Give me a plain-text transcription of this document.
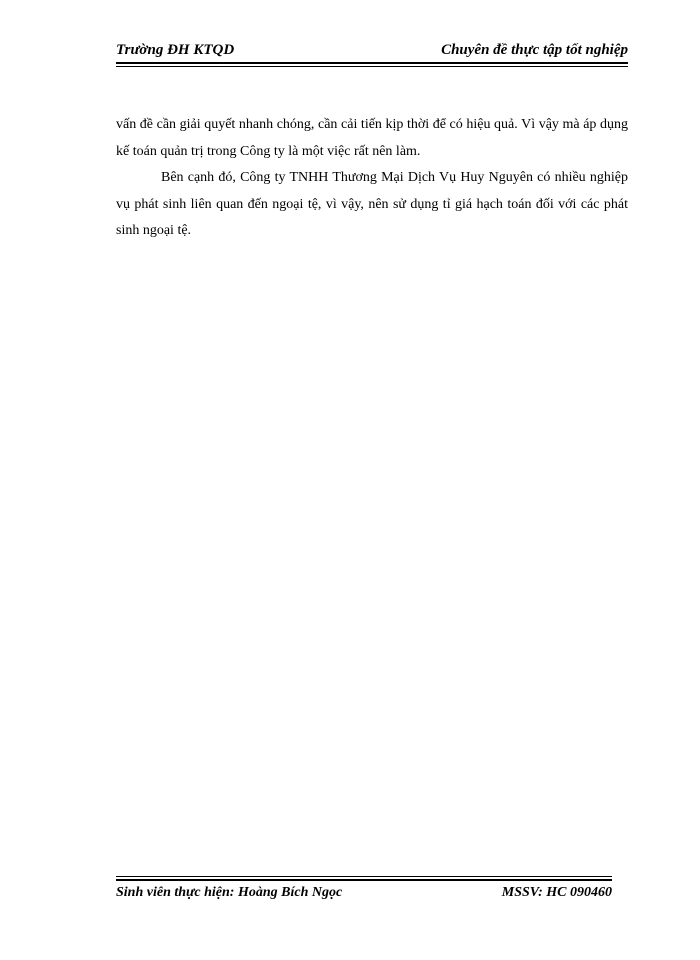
Trường ĐH KTQD	Chuyên đề thực tập tốt nghiệp

vấn đề cần giải quyết nhanh chóng, cần cải tiến kịp thời để có hiệu quả. Vì vậy mà áp dụng kế toán quản trị trong Công ty là một việc rất nên làm.

Bên cạnh đó, Công ty TNHH Thương Mại Dịch Vụ Huy Nguyên có nhiều nghiệp vụ phát sinh liên quan đến ngoại tệ, vì vậy, nên sử dụng tỉ giá hạch toán đối với các phát sinh ngoại tệ.

Sinh viên thực hiện: Hoàng Bích Ngọc	MSSV: HC 090460
